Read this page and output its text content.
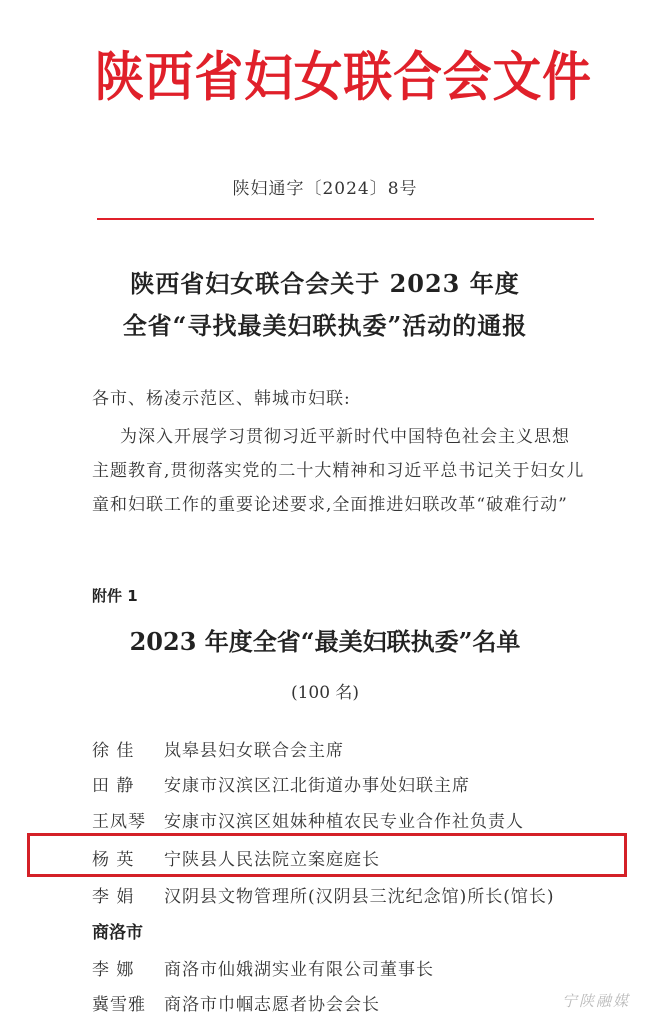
陕西省妇女联合会文件
陕妇通字〔2024〕8号
陕西省妇女联合会关于 2023 年度
全省“寻找最美妇联执委”活动的通报
各市、杨凌示范区、韩城市妇联:
为深入开展学习贯彻习近平新时代中国特色社会主义思想
主题教育,贯彻落实党的二十大精神和习近平总书记关于妇女儿
童和妇联工作的重要论述要求,全面推进妇联改革“破难行动”
附件 1
2023 年度全省“最美妇联执委”名单
(100 名)
徐 佳 岚皋县妇女联合会主席
田 静 安康市汉滨区江北街道办事处妇联主席
王凤琴 安康市汉滨区姐妹种植农民专业合作社负责人
杨 英 宁陕县人民法院立案庭庭长
李 娟 汉阴县文物管理所(汉阴县三沈纪念馆)所长(馆长)
商洛市
李 娜 商洛市仙娥湖实业有限公司董事长
冀雪雅 商洛市巾帼志愿者协会会长	宁陕融媒
